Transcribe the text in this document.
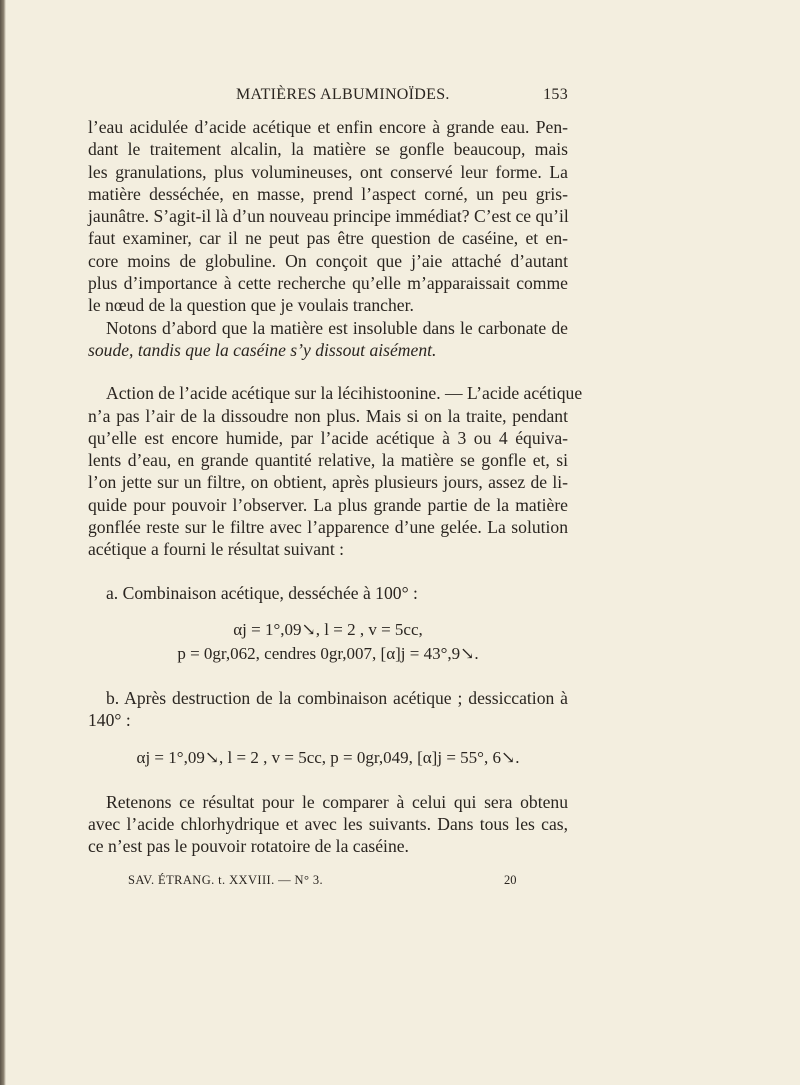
MATIÈRES ALBUMINOÏDES.	153
l’eau acidulée d’acide acétique et enfin encore à grande eau. Pen-
dant le traitement alcalin, la matière se gonfle beaucoup, mais
les granulations, plus volumineuses, ont conservé leur forme. La
matière desséchée, en masse, prend l’aspect corné, un peu gris-
jaunâtre. S’agit-il là d’un nouveau principe immédiat? C’est ce qu’il
faut examiner, car il ne peut pas être question de caséine, et en-
core moins de globuline. On conçoit que j’aie attaché d’autant
plus d’importance à cette recherche qu’elle m’apparaissait comme
le nœud de la question que je voulais trancher.
Notons d’abord que la matière est insoluble dans le carbonate de
soude, tandis que la caséine s’y dissout aisément.
Action de l’acide acétique sur la lécihistoonine. — L’acide acétique
n’a pas l’air de la dissoudre non plus. Mais si on la traite, pendant
qu’elle est encore humide, par l’acide acétique à 3 ou 4 équiva-
lents d’eau, en grande quantité relative, la matière se gonfle et, si
l’on jette sur un filtre, on obtient, après plusieurs jours, assez de li-
quide pour pouvoir l’observer. La plus grande partie de la matière
gonflée reste sur le filtre avec l’apparence d’une gelée. La solution
acétique a fourni le résultat suivant :
a. Combinaison acétique, desséchée à 100° :
αj = 1°,09↘, l = 2 , v = 5cc,
p = 0gr,062, cendres 0gr,007, [α]j = 43°,9↘.
b. Après destruction de la combinaison acétique ; dessiccation à
140° :
αj = 1°,09↘, l = 2 , v = 5cc, p = 0gr,049, [α]j = 55°, 6↘.
Retenons ce résultat pour le comparer à celui qui sera obtenu
avec l’acide chlorhydrique et avec les suivants. Dans tous les cas,
ce n’est pas le pouvoir rotatoire de la caséine.
SAV. ÉTRANG. t. XXVIII. — N° 3.	20
